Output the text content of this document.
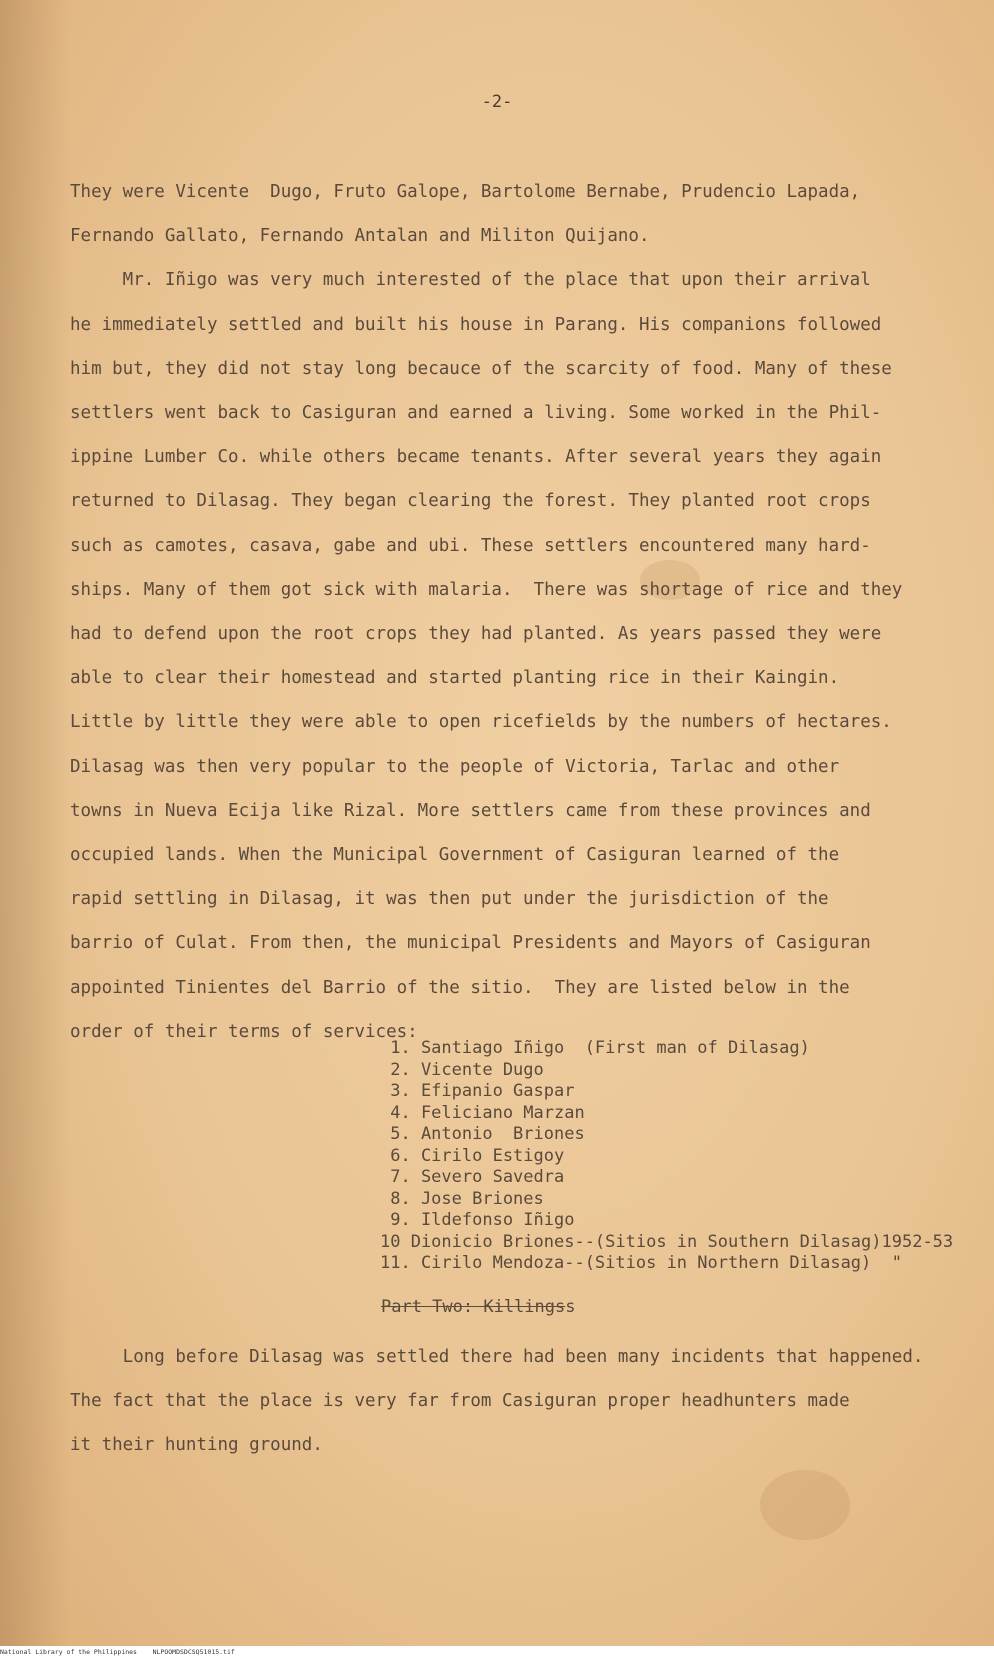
-2-
They were Vicente  Dugo, Fruto Galope, Bartolome Bernabe, Prudencio Lapada,
Fernando Gallato, Fernando Antalan and Militon Quijano.
Mr. Iñigo was very much interested of the place that upon their arrival
he immediately settled and built his house in Parang. His companions followed
him but, they did not stay long becauce of the scarcity of food. Many of these
settlers went back to Casiguran and earned a living. Some worked in the Phil-
ippine Lumber Co. while others became tenants. After several years they again
returned to Dilasag. They began clearing the forest. They planted root crops
such as camotes, casava, gabe and ubi. These settlers encountered many hard-
ships. Many of them got sick with malaria.  There was shortage of rice and they
had to defend upon the root crops they had planted. As years passed they were
able to clear their homestead and started planting rice in their Kaingin.
Little by little they were able to open ricefields by the numbers of hectares.
Dilasag was then very popular to the people of Victoria, Tarlac and other
towns in Nueva Ecija like Rizal. More settlers came from these provinces and
occupied lands. When the Municipal Government of Casiguran learned of the
rapid settling in Dilasag, it was then put under the jurisdiction of the
barrio of Culat. From then, the municipal Presidents and Mayors of Casiguran
appointed Tinientes del Barrio of the sitio.  They are listed below in the
order of their terms of services:
1. Santiago Iñigo  (First man of Dilasag)
2. Vicente Dugo
3. Efipanio Gaspar
4. Feliciano Marzan
5. Antonio  Briones
6. Cirilo Estigoy
7. Severo Savedra
8. Jose Briones
9. Ildefonso Iñigo
10 Dionicio Briones--(Sitios in Southern Dilasag)1952-53
11. Cirilo Mendoza--(Sitios in Northern Dilasag)  "
Part Two: Killingss
Long before Dilasag was settled there had been many incidents that happened.
The fact that the place is very far from Casiguran proper headhunters made
it their hunting ground.
National Library of the Philippines    NLPOOMDSDCSQ51015.tif
